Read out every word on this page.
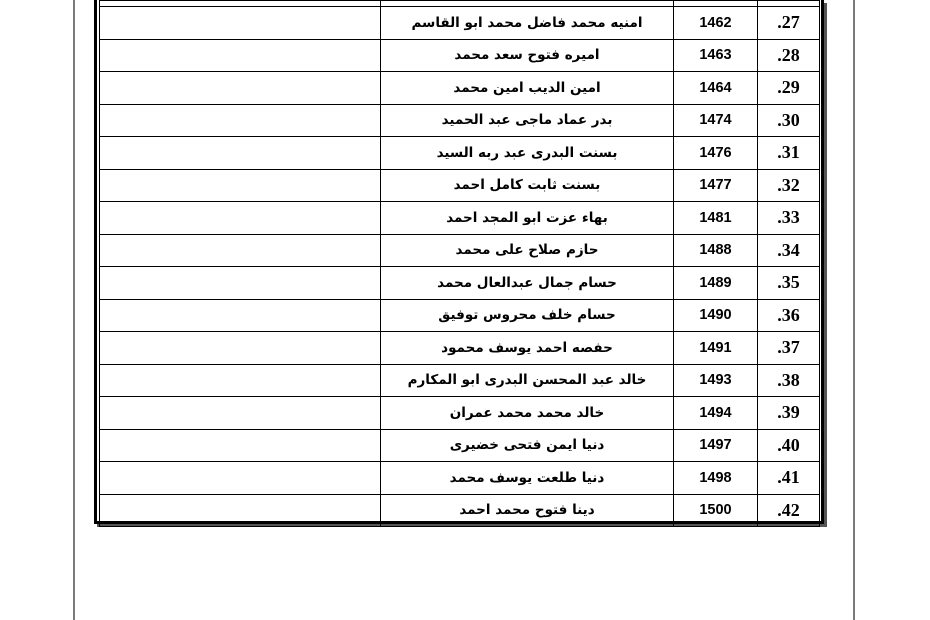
	امنيه محمد فاضل محمد ابو القاسم	1462	.27
	اميره فتوح سعد محمد	1463	.28
	امين الديب امين محمد	1464	.29
	بدر عماد ماجى عبد الحميد	1474	.30
	بسنت البدرى عبد ربه السيد	1476	.31
	بسنت ثابت كامل احمد	1477	.32
	بهاء عزت ابو المجد احمد	1481	.33
	حازم صلاح على محمد	1488	.34
	حسام جمال عبدالعال محمد	1489	.35
	حسام خلف محروس توفيق	1490	.36
	حفصه احمد يوسف محمود	1491	.37
	خالد عبد المحسن البدرى ابو المكارم	1493	.38
	خالد محمد محمد عمران	1494	.39
	دنيا ايمن فتحى خضيرى	1497	.40
	دنيا طلعت يوسف محمد	1498	.41
	دينا فتوح محمد احمد	1500	.42
